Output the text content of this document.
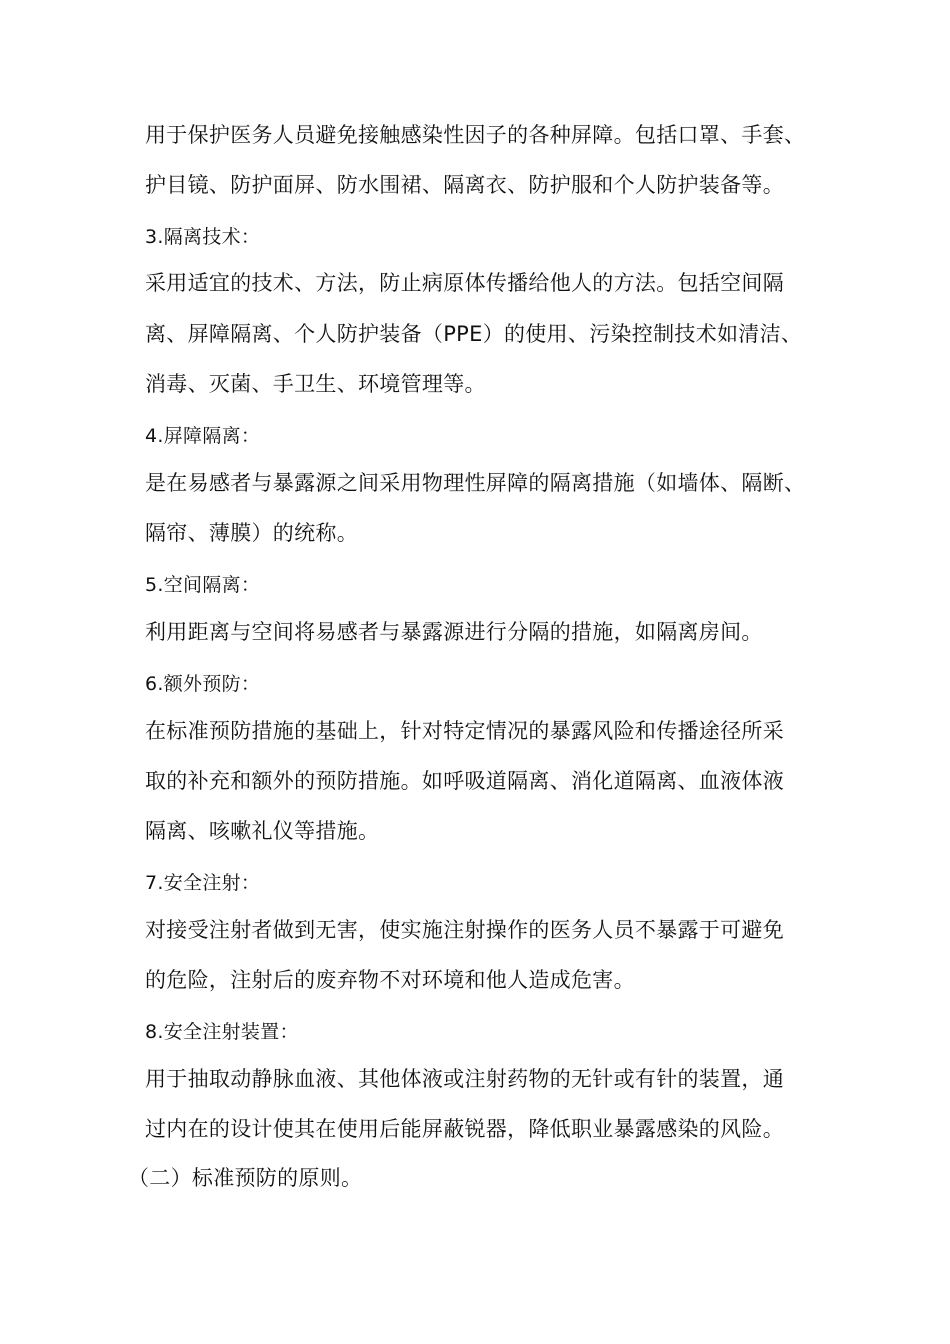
用于保护医务人员避免接触感染性因子的各种屏障。包括口罩、手套、
护目镜、防护面屏、防水围裙、隔离衣、防护服和个人防护装备等。
3.隔离技术：
采用适宜的技术、方法，防止病原体传播给他人的方法。包括空间隔
离、屏障隔离、个人防护装备（PPE）的使用、污染控制技术如清洁、
消毒、灭菌、手卫生、环境管理等。
4.屏障隔离：
是在易感者与暴露源之间采用物理性屏障的隔离措施（如墙体、隔断、
隔帘、薄膜）的统称。
5.空间隔离：
利用距离与空间将易感者与暴露源进行分隔的措施，如隔离房间。
6.额外预防：
在标准预防措施的基础上，针对特定情况的暴露风险和传播途径所采
取的补充和额外的预防措施。如呼吸道隔离、消化道隔离、血液体液
隔离、咳嗽礼仪等措施。
7.安全注射：
对接受注射者做到无害，使实施注射操作的医务人员不暴露于可避免
的危险，注射后的废弃物不对环境和他人造成危害。
8.安全注射装置：
用于抽取动静脉血液、其他体液或注射药物的无针或有针的装置，通
过内在的设计使其在使用后能屏蔽锐器，降低职业暴露感染的风险。
（二）标准预防的原则。
